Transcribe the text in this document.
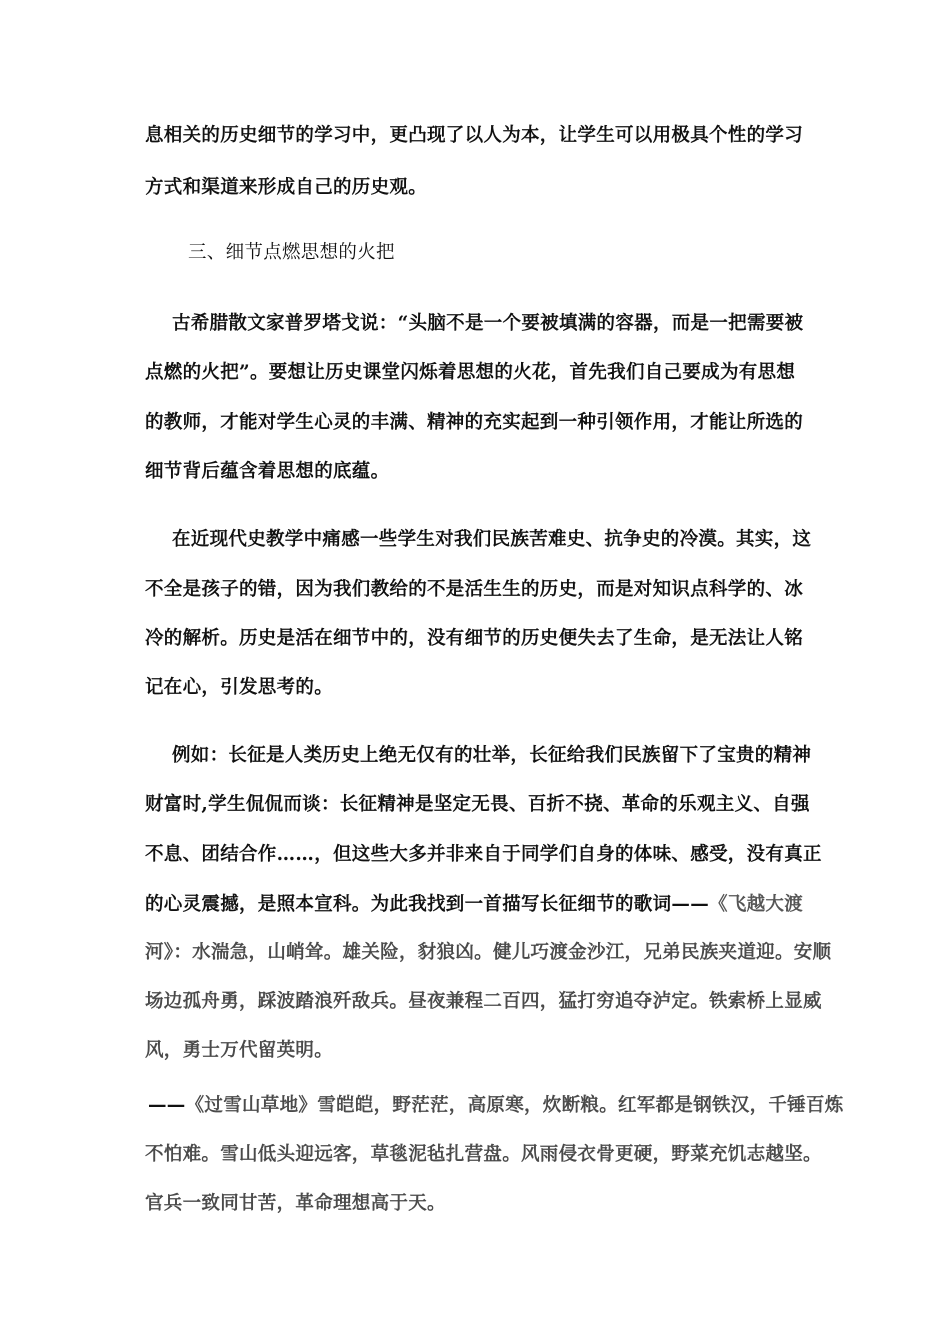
息相关的历史细节的学习中，更凸现了以人为本，让学生可以用极具个性的学习
方式和渠道来形成自己的历史观。
三、细节点燃思想的火把
古希腊散文家普罗塔戈说：“头脑不是一个要被填满的容器，而是一把需要被
点燃的火把”。要想让历史课堂闪烁着思想的火花，首先我们自己要成为有思想
的教师，才能对学生心灵的丰满、精神的充实起到一种引领作用，才能让所选的
细节背后蕴含着思想的底蕴。
在近现代史教学中痛感一些学生对我们民族苦难史、抗争史的冷漠。其实，这
不全是孩子的错，因为我们教给的不是活生生的历史，而是对知识点科学的、冰
冷的解析。历史是活在细节中的，没有细节的历史便失去了生命，是无法让人铭
记在心，引发思考的。
例如：长征是人类历史上绝无仅有的壮举，长征给我们民族留下了宝贵的精神
财富时,学生侃侃而谈：长征精神是坚定无畏、百折不挠、革命的乐观主义、自强
不息、团结合作……，但这些大多并非来自于同学们自身的体味、感受，没有真正
的心灵震撼，是照本宣科。为此我找到一首描写长征细节的歌词——《飞越大渡
河》：水湍急，山峭耸。雄关险，豺狼凶。健儿巧渡金沙江，兄弟民族夹道迎。安顺
场边孤舟勇，踩波踏浪歼敌兵。昼夜兼程二百四，猛打穷追夺泸定。铁索桥上显威
风，勇士万代留英明。
——《过雪山草地》雪皑皑，野茫茫，高原寒，炊断粮。红军都是钢铁汉，千锤百炼
不怕难。雪山低头迎远客，草毯泥毡扎营盘。风雨侵衣骨更硬，野菜充饥志越坚。
官兵一致同甘苦，革命理想高于天。
